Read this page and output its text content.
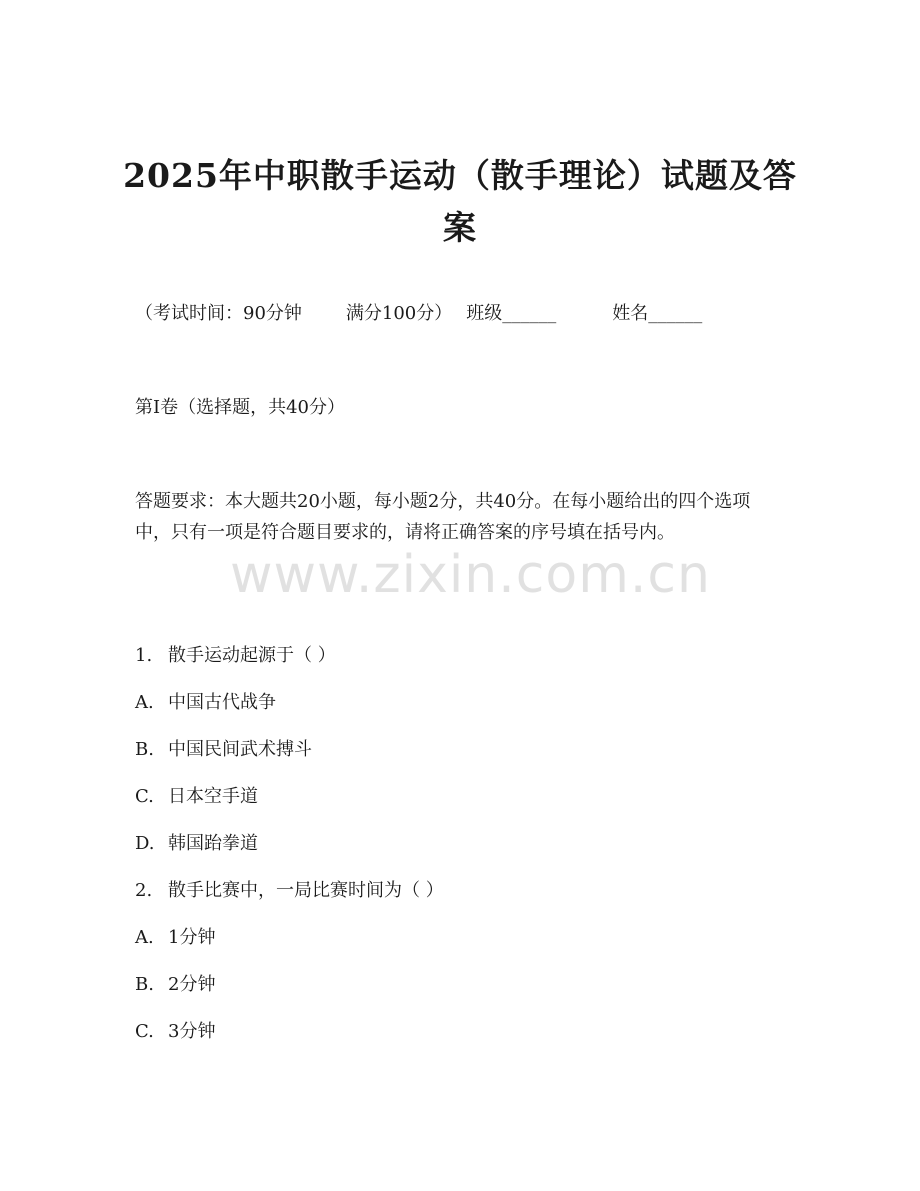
2025年中职散手运动（散手理论）试题及答
案
（考试时间：90分钟 满分100分） 班级______	姓名______
第I卷（选择题，共40分）
答题要求：本大题共20小题，每小题2分，共40分。在每小题给出的四个选项中，只有一项是符合题目要求的，请将正确答案的序号填在括号内。
1. 散手运动起源于（ ）
A. 中国古代战争
B. 中国民间武术搏斗
C. 日本空手道
D. 韩国跆拳道
2. 散手比赛中，一局比赛时间为（ ）
A. 1分钟
B. 2分钟
C. 3分钟
www.zixin.com.cn
